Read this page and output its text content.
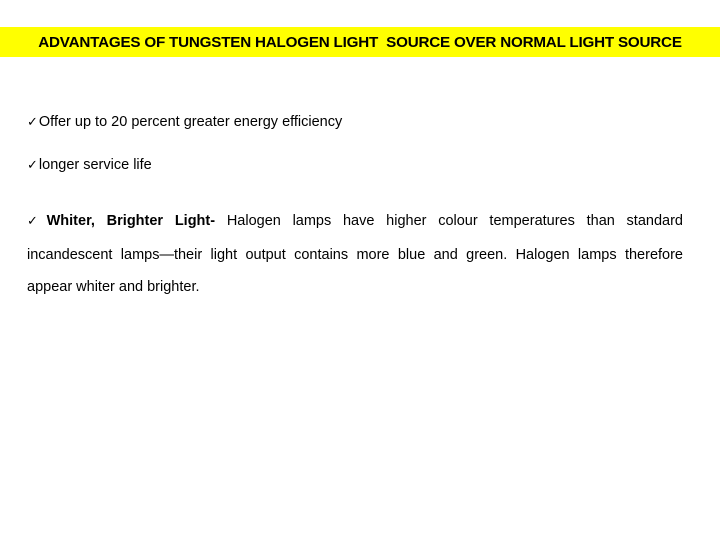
ADVANTAGES OF TUNGSTEN HALOGEN LIGHT  SOURCE OVER NORMAL LIGHT SOURCE

✓Offer up to 20 percent greater energy efficiency

✓longer service life

✓Whiter, Brighter Light- Halogen lamps have higher colour temperatures than standard incandescent lamps—their light output contains more blue and green. Halogen lamps therefore appear whiter and brighter.
